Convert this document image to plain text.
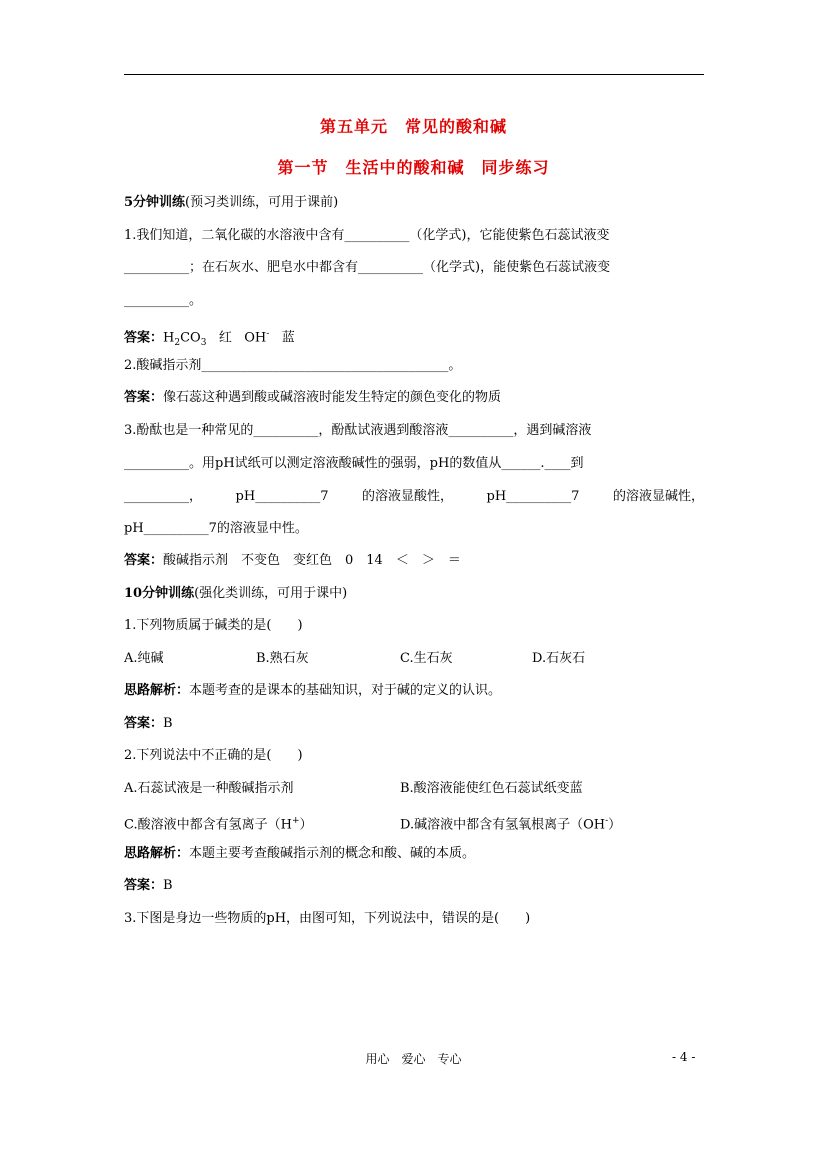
第五单元　常见的酸和碱
第一节　生活中的酸和碱　同步练习
5分钟训练(预习类训练，可用于课前)
1.我们知道，二氧化碳的水溶液中含有__________（化学式)，它能使紫色石蕊试液变
__________；在石灰水、肥皂水中都含有__________（化学式)，能使紫色石蕊试液变
__________。
答案：$H_2CO_3$ 红 OH- 蓝
2.酸碱指示剂______________________________________。
答案：像石蕊这种遇到酸或碱溶液时能发生特定的颜色变化的物质
3.酚酞也是一种常见的__________，酚酞试液遇到酸溶液__________，遇到碱溶液
__________。用pH试纸可以测定溶液酸碱性的强弱，pH的数值从______.____到
__________，	pH__________7	的溶液显酸性，	pH__________7	的溶液显碱性，
pH__________7的溶液显中性。
答案：酸碱指示剂　不变色　变红色　0　14　＜　＞　＝
10分钟训练(强化类训练，可用于课中)
1.下列物质属于碱类的是(　　)
A.纯碱	B.熟石灰	C.生石灰	D.石灰石
思路解析：本题考查的是课本的基础知识，对于碱的定义的认识。
答案：B
2.下列说法中不正确的是(　　)
A.石蕊试液是一种酸碱指示剂	B.酸溶液能使红色石蕊试纸变蓝
C.酸溶液中都含有氢离子（H+）	D.碱溶液中都含有氢氧根离子（OH-）
思路解析：本题主要考查酸碱指示剂的概念和酸、碱的本质。
答案：B
3.下图是身边一些物质的pH，由图可知，下列说法中，错误的是(　　)
用心　爱心　专心	- 4 -
